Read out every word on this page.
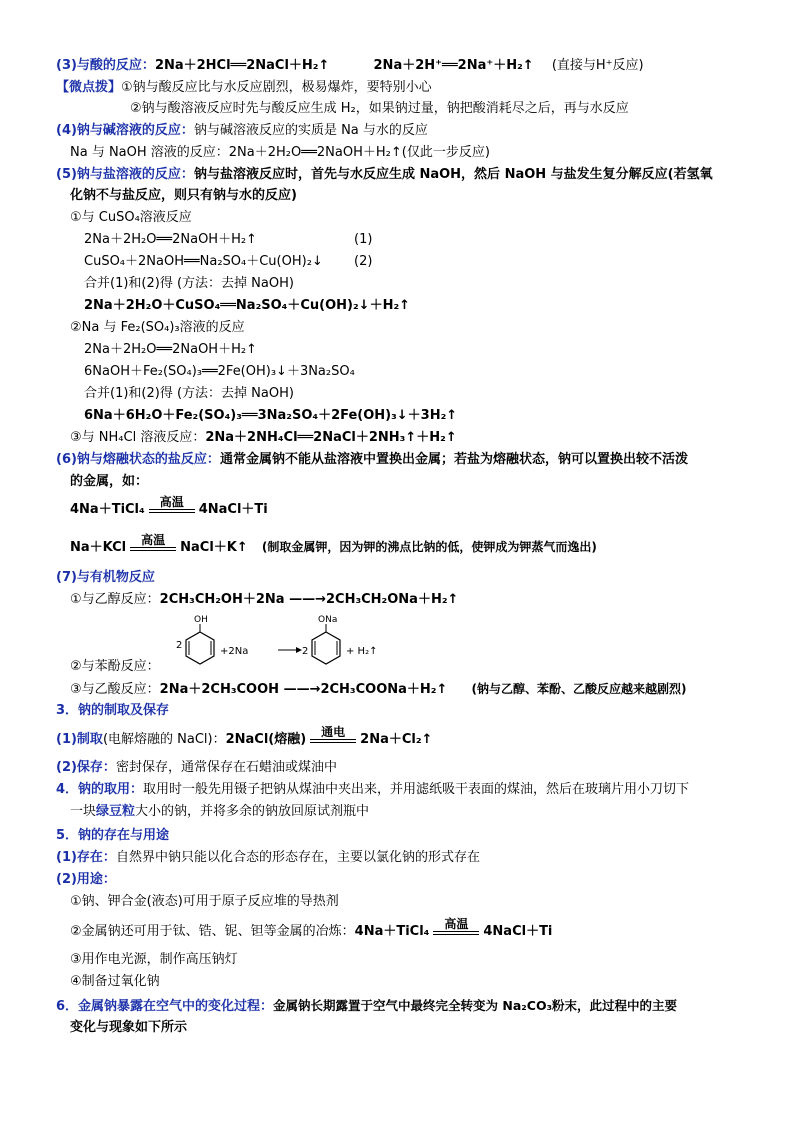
(3)与酸的反应：2Na＋2HCl══2NaCl＋H₂↑	2Na＋2H⁺══2Na⁺＋H₂↑ (直接与H⁺反应)
【微点拨】①钠与酸反应比与水反应剧烈，极易爆炸，要特别小心
②钠与酸溶液反应时先与酸反应生成 H₂，如果钠过量，钠把酸消耗尽之后，再与水反应
(4)钠与碱溶液的反应：钠与碱溶液反应的实质是 Na 与水的反应
Na 与 NaOH 溶液的反应：2Na＋2H₂O══2NaOH＋H₂↑(仅此一步反应)
(5)钠与盐溶液的反应：钠与盐溶液反应时，首先与水反应生成 NaOH，然后 NaOH 与盐发生复分解反应(若氢氧
化钠不与盐反应，则只有钠与水的反应)
①与 CuSO₄溶液反应
2Na＋2H₂O══2NaOH＋H₂↑	(1)
CuSO₄＋2NaOH══Na₂SO₄＋Cu(OH)₂↓ (2)
合并(1)和(2)得 (方法：去掉 NaOH)
2Na＋2H₂O＋CuSO₄══Na₂SO₄＋Cu(OH)₂↓＋H₂↑
②Na 与 Fe₂(SO₄)₃溶液的反应
2Na＋2H₂O══2NaOH＋H₂↑
6NaOH＋Fe₂(SO₄)₃══2Fe(OH)₃↓＋3Na₂SO₄
合并(1)和(2)得 (方法：去掉 NaOH)
6Na＋6H₂O＋Fe₂(SO₄)₃══3Na₂SO₄＋2Fe(OH)₃↓＋3H₂↑
③与 NH₄Cl 溶液反应：2Na＋2NH₄Cl══2NaCl＋2NH₃↑＋H₂↑
(6)钠与熔融状态的盐反应：通常金属钠不能从盐溶液中置换出金属；若盐为熔融状态，钠可以置换出较不活泼
的金属，如：
4Na＋TiCl₄
高温
4NaCl＋Ti
Na＋KCl
高温
NaCl＋K↑ (制取金属钾，因为钾的沸点比钠的低，使钾成为钾蒸气而逸出)
(7)与有机物反应
①与乙醇反应：2CH₃CH₂OH＋2Na ——→2CH₃CH₂ONa＋H₂↑
②与苯酚反应：
2
OH
+2Na	2
ONa
+ H₂↑
③与乙酸反应：2Na＋2CH₃COOH ——→2CH₃COONa＋H₂↑ (钠与乙醇、苯酚、乙酸反应越来越剧烈)
3．钠的制取及保存
(1)制取(电解熔融的 NaCl)：2NaCl(熔融)
通电
2Na＋Cl₂↑
(2)保存：密封保存，通常保存在石蜡油或煤油中
4．钠的取用：取用时一般先用镊子把钠从煤油中夹出来，并用滤纸吸干表面的煤油，然后在玻璃片用小刀切下
一块绿豆粒大小的钠，并将多余的钠放回原试剂瓶中
5．钠的存在与用途
(1)存在：自然界中钠只能以化合态的形态存在，主要以氯化钠的形式存在
(2)用途：
①钠、钾合金(液态)可用于原子反应堆的导热剂
②金属钠还可用于钛、锆、铌、钽等金属的冶炼：4Na＋TiCl₄
高温
4NaCl＋Ti
③用作电光源，制作高压钠灯
④制备过氧化钠
6．金属钠暴露在空气中的变化过程：金属钠长期露置于空气中最终完全转变为 Na₂CO₃粉末，此过程中的主要
变化与现象如下所示
